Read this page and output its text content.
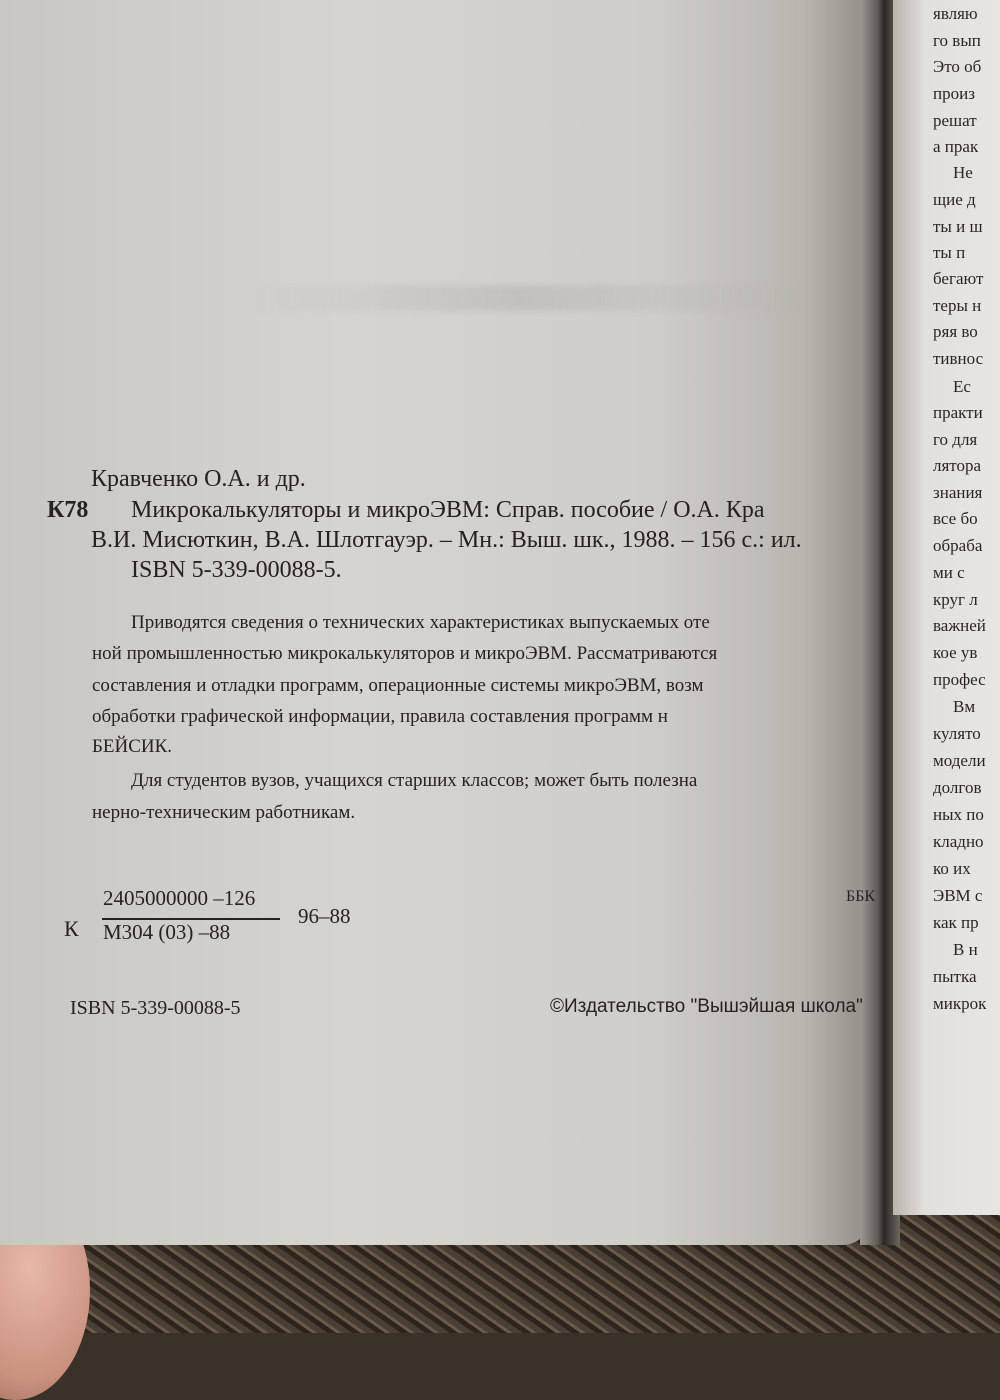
Кравченко О.А. и др.
К78 Микрокалькуляторы и микроЭВМ: Справ. пособие / О.А. Кра
В.И. Мисюткин, В.А. Шлотгауэр. – Мн.: Выш. шк., 1988. – 156 с.: ил.
ISBN 5-339-00088-5.
Приводятся сведения о технических характеристиках выпускаемых оте
ной промышленностью микрокалькуляторов и микроЭВМ. Рассматриваются
составления и отладки программ, операционные системы микроЭВМ, возм
обработки графической информации, правила составления программ н
БЕЙСИК.
Для студентов вузов, учащихся старших классов; может быть полезна
нерно-техническим работникам.
ББК
К
2405000000 –126
М304 (03) –88
96–88
ISBN 5-339-00088-5	©Издательство "Вышэйшая школа"
являю
го вып
Это об
произ
решат
а прак
Не
щие д
ты и ш
ты п
бегают
теры н
ряя во
тивнос
Ес
практи
го для
лятора
знания
все бо
обраба
ми с
круг л
важней
кое ув
профес
Вм
кулято
модели
долгов
ных по
кладно
ко их
ЭВМ с
как пр
В н
пытка
микрок
